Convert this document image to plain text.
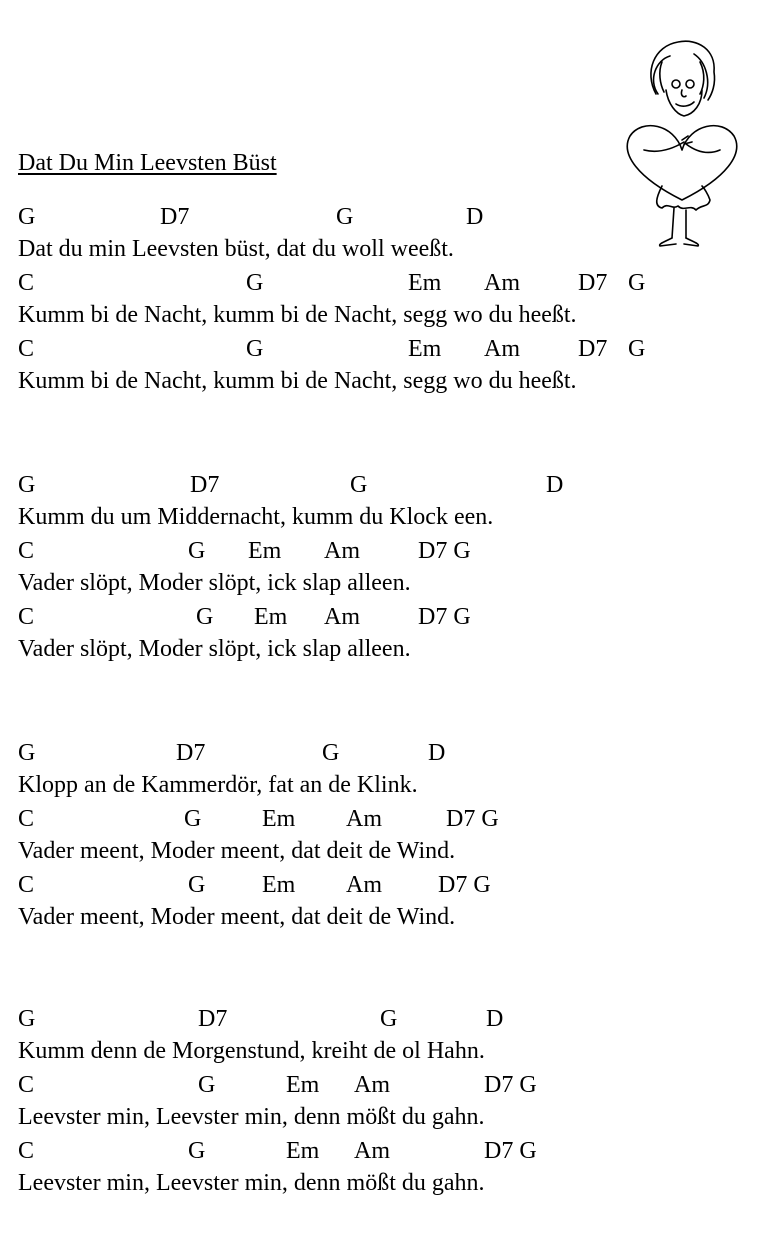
Dat Du Min Leevsten Büst
G	D7	G	D
Dat du min Leevsten büst, dat du woll weeßt.
C	G	Em Am D7 G
Kumm bi de Nacht, kumm bi de Nacht, segg wo du heeßt.
C	G	Em Am D7 G
Kumm bi de Nacht, kumm bi de Nacht, segg wo du heeßt.
G	D7	G	D
Kumm du um Middernacht, kumm du Klock een.
C	G Em Am D7 G
Vader slöpt, Moder slöpt, ick slap alleen.
C	G Em Am D7 G
Vader slöpt, Moder slöpt, ick slap alleen.
G	D7	G	D
Klopp an de Kammerdör, fat an de Klink.
C	G	Em Am	D7 G
Vader meent, Moder meent, dat deit de Wind.
C	G Em Am D7 G
Vader meent, Moder meent, dat deit de Wind.
G	D7	G	D
Kumm denn de Morgenstund, kreiht de ol Hahn.
C	G	Em Am	D7 G
Leevster min, Leevster min, denn mößt du gahn.
C	G	Em Am	D7 G
Leevster min, Leevster min, denn mößt du gahn.
